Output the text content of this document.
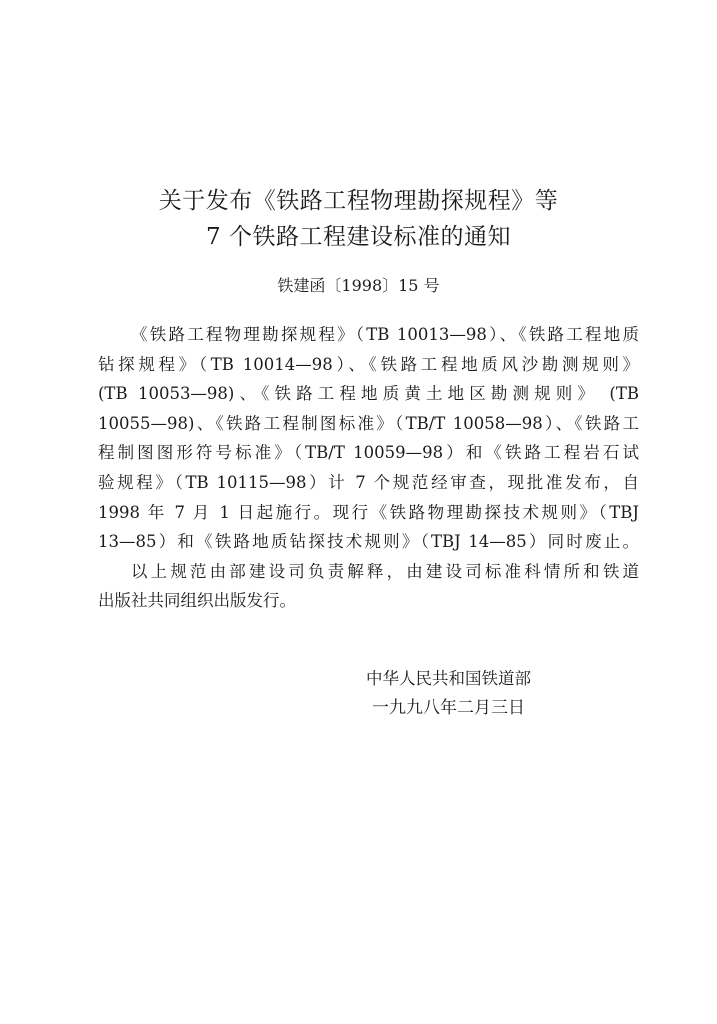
关于发布《铁路工程物理勘探规程》等
7 个铁路工程建设标准的通知
铁建函〔1998〕15 号
《铁路工程物理勘探规程》（TB 10013—98）、《铁路工程地质
钻探规程》（TB 10014—98）、《铁路工程地质风沙勘测规则》
(TB 10053—98)、《铁路工程地质黄土地区勘测规则》 (TB
10055—98)、《铁路工程制图标准》（TB/T 10058—98）、《铁路工
程制图图形符号标准》（TB/T 10059—98）和《铁路工程岩石试
验规程》（TB 10115—98）计 7 个规范经审查，现批准发布，自
1998 年 7 月 1 日起施行。现行《铁路物理勘探技术规则》（TBJ
13—85）和《铁路地质钻探技术规则》（TBJ 14—85）同时废止。
以上规范由部建设司负责解释，由建设司标准科情所和铁道
出版社共同组织出版发行。
中华人民共和国铁道部
一九九八年二月三日
